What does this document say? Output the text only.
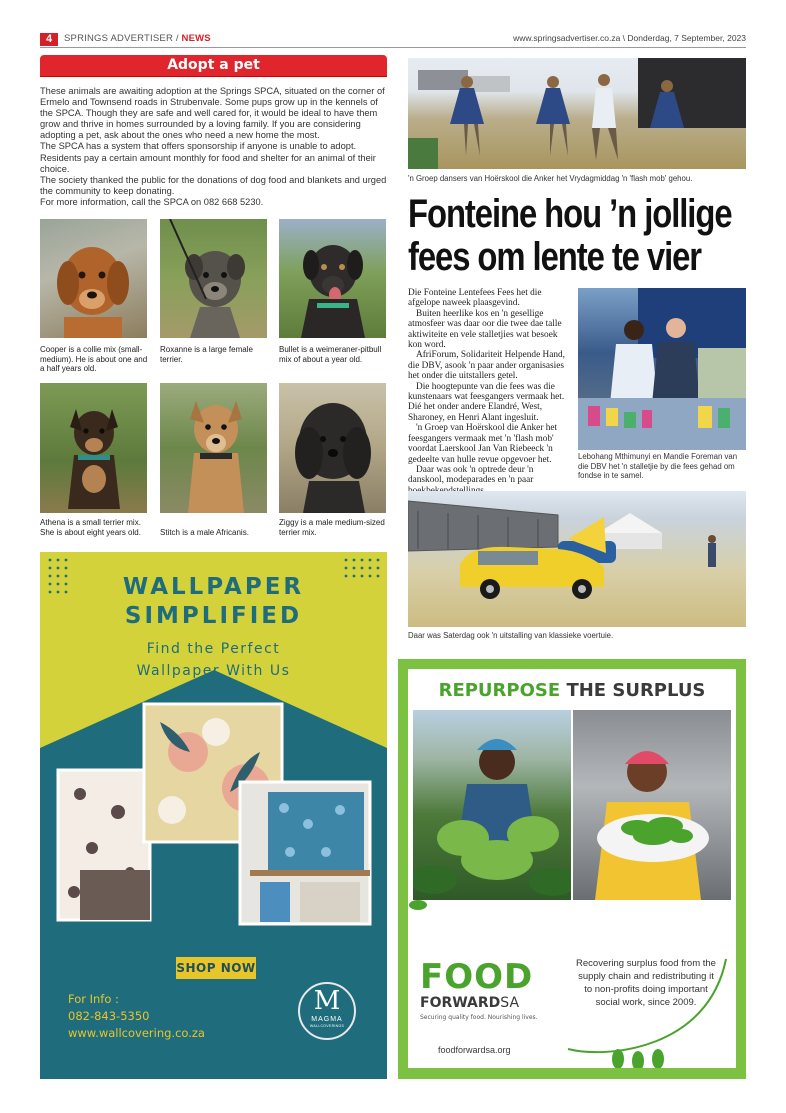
4	SPRINGS ADVERTISER / NEWS	www.springsadvertiser.co.za \ Donderdag, 7 September, 2023
Adopt a pet

These animals are awaiting adoption at the Springs SPCA, situated on the corner of Ermelo and Townsend roads in Strubenvale. Some pups grow up in the kennels of the SPCA. Though they are safe and well cared for, it would be ideal to have them grow and thrive in homes surrounded by a loving family. If you are considering adopting a pet, ask about the ones who need a new home the most.

The SPCA has a system that offers sponsorship if anyone is unable to adopt. Residents pay a certain amount monthly for food and shelter for an animal of their choice.

The society thanked the public for the donations of dog food and blankets and urged the community to keep donating.

For more information, call the SPCA on 082 668 5230.

Cooper is a collie mix (small-medium). He is about one and a half years old.
Roxanne is a large female terrier.
Bullet is a weimeraner-pitbull mix of about a year old.
Athena is a small terrier mix. She is about eight years old.	Stitch is a male Africanis.
Ziggy is a male medium-sized terrier mix.
'n Groep dansers van Hoërskool die Anker het Vrydagmiddag 'n 'flash mob' gehou.
Fonteine hou ’n jollige fees om lente te vier

Die Fonteine Lentefees Fees het die afgelope naweek plaasgevind.

Buiten heerlike kos en 'n gesellige atmosfeer was daar oor die twee dae talle aktiwiteite en vele stalletjies wat besoek kon word.

AfriForum, Solidariteit Helpende Hand, die DBV, asook 'n paar ander organisasies het onder die uitstallers getel.

Die hoogtepunte van die fees was die kunstenaars wat feesgangers vermaak het. Dié het onder andere Elandré, West, Sharoney, en Henri Alant ingesluit.

'n Groep van Hoërskool die Anker het feesgangers vermaak met 'n 'flash mob' voordat Laerskool Jan Van Riebeeck 'n gedeelte van hulle revue opgevoer het.

Daar was ook 'n optrede deur 'n danskool, modeparades en 'n paar

Lebohang Mthimunyi en Mandie Foreman van die DBV het 'n stalletjie by die fees gehad om fondse in te samel.
Daar was Saterdag ook 'n uitstalling van klassieke voertuie.
WALLPAPER
SIMPLIFIED
Find the Perfect
Wallpaper With Us
SHOP NOW
For Info :
082-843-5350
www.wallcovering.co.za
M
MAGMA
WALLCOVERINGS
REPURPOSE THE SURPLUS
FOOD
FORWARDSA
Securing quality food. Nourishing lives.
Recovering surplus food from the supply chain and redistributing it to non-profits doing important social work, since 2009.
foodforwardsa.org
